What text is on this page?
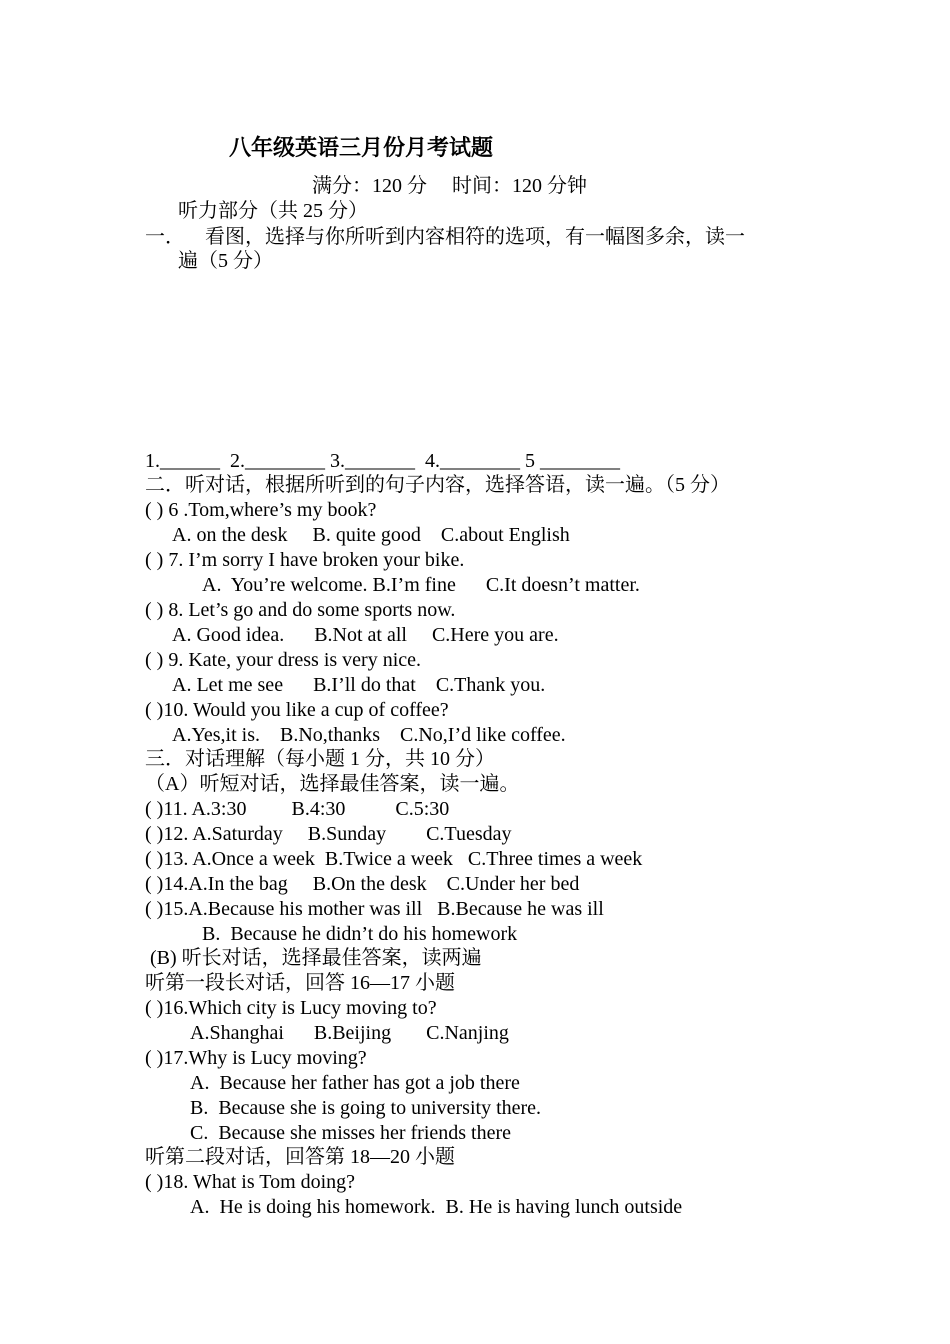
八年级英语三月份月考试题
满分：120 分     时间：120 分钟
听力部分（共 25 分）
一．    看图，选择与你所听到内容相符的选项，有一幅图多余，读一
遍（5 分）
1.______  2.________ 3._______  4.________ 5 ________
二．听对话，根据所听到的句子内容，选择答语，读一遍。（5 分）
( ) 6 .Tom,where’s my book?
A. on the desk     B. quite good    C.about English
( ) 7. I’m sorry I have broken your bike.
A.  You’re welcome. B.I’m fine      C.It doesn’t matter.
( ) 8. Let’s go and do some sports now.
A. Good idea.      B.Not at all     C.Here you are.
( ) 9. Kate, your dress is very nice.
A. Let me see      B.I’ll do that    C.Thank you.
( )10. Would you like a cup of coffee?
A.Yes,it is.    B.No,thanks    C.No,I’d like coffee.
三．对话理解（每小题 1 分，共 10 分）
（A）听短对话，选择最佳答案，读一遍。
( )11. A.3:30         B.4:30          C.5:30
( )12. A.Saturday     B.Sunday        C.Tuesday
( )13. A.Once a week  B.Twice a week   C.Three times a week
( )14.A.In the bag     B.On the desk    C.Under her bed
( )15.A.Because his mother was ill   B.Because he was ill
B.  Because he didn’t do his homework
(B) 听长对话，选择最佳答案，读两遍
听第一段长对话，回答 16—17 小题
( )16.Which city is Lucy moving to?
A.Shanghai      B.Beijing       C.Nanjing
( )17.Why is Lucy moving?
A.  Because her father has got a job there
B.  Because she is going to university there.
C.  Because she misses her friends there
听第二段对话，回答第 18—20 小题
( )18. What is Tom doing?
A.  He is doing his homework.  B. He is having lunch outside
